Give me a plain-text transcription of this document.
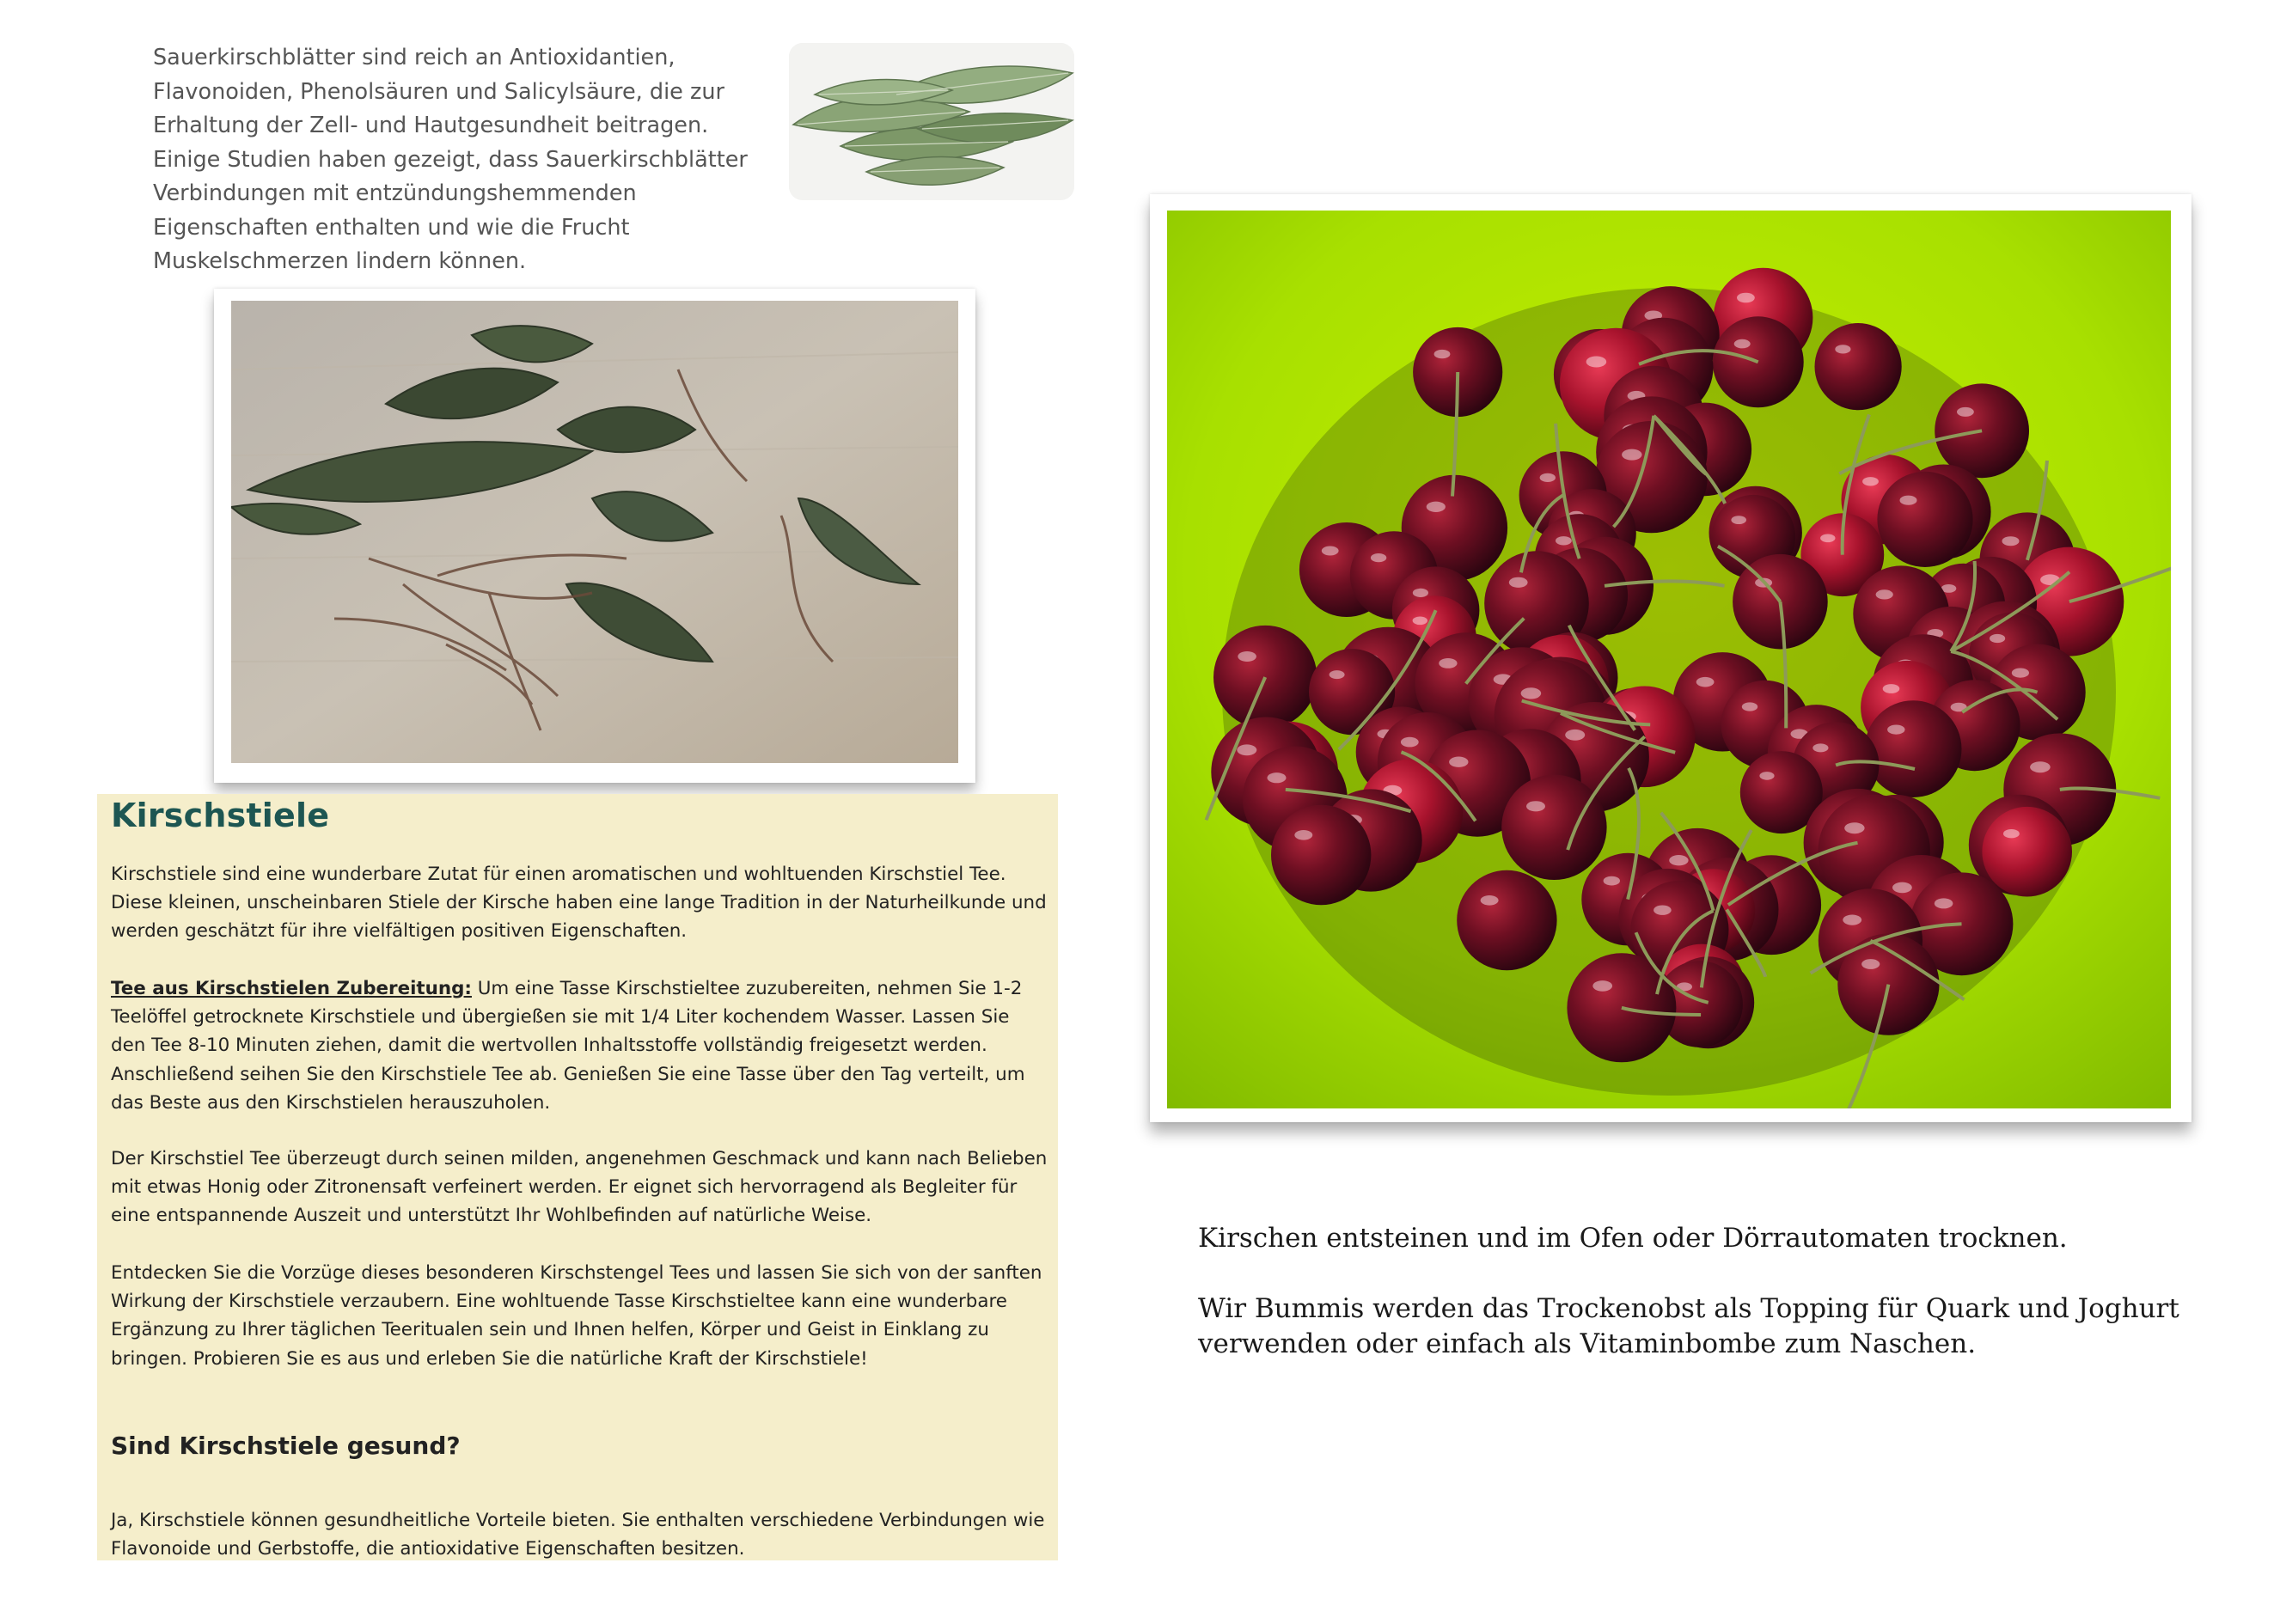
Sauerkirschblätter sind reich an Antioxidantien, Flavonoiden, Phenolsäuren und Salicylsäure, die zur Erhaltung der Zell- und Hautgesundheit beitragen. Einige Studien haben gezeigt, dass Sauerkirschblätter Verbindungen mit entzündungshemmenden Eigenschaften enthalten und wie die Frucht Muskelschmerzen lindern können.

Kirschstiele

Kirschstiele sind eine wunderbare Zutat für einen aromatischen und wohltuenden Kirschstiel Tee. Diese kleinen, unscheinbaren Stiele der Kirsche haben eine lange Tradition in der Naturheilkunde und werden geschätzt für ihre vielfältigen positiven Eigenschaften.

Tee aus Kirschstielen Zubereitung: Um eine Tasse Kirschstieltee zuzubereiten, nehmen Sie 1-2 Teelöffel getrocknete Kirschstiele und übergießen sie mit 1/4 Liter kochendem Wasser. Lassen Sie den Tee 8-10 Minuten ziehen, damit die wertvollen Inhaltsstoffe vollständig freigesetzt werden. Anschließend seihen Sie den Kirschstiele Tee ab. Genießen Sie eine Tasse über den Tag verteilt, um das Beste aus den Kirschstielen herauszuholen.

Der Kirschstiel Tee überzeugt durch seinen milden, angenehmen Geschmack und kann nach Belieben mit etwas Honig oder Zitronensaft verfeinert werden. Er eignet sich hervorragend als Begleiter für eine entspannende Auszeit und unterstützt Ihr Wohlbefinden auf natürliche Weise.

Entdecken Sie die Vorzüge dieses besonderen Kirschstengel Tees und lassen Sie sich von der sanften Wirkung der Kirschstiele verzaubern. Eine wohltuende Tasse Kirschstieltee kann eine wunderbare Ergänzung zu Ihrer täglichen Teeritualen sein und Ihnen helfen, Körper und Geist in Einklang zu bringen. Probieren Sie es aus und erleben Sie die natürliche Kraft der Kirschstiele!

Sind Kirschstiele gesund?

Ja, Kirschstiele können gesundheitliche Vorteile bieten. Sie enthalten verschiedene Verbindungen wie Flavonoide und Gerbstoffe, die antioxidative Eigenschaften besitzen.

Kirschen entsteinen und im Ofen oder Dörrautomaten trocknen.

Wir Bummis werden das Trockenobst als Topping für Quark und Joghurt verwenden oder einfach als Vitaminbombe zum Naschen.
